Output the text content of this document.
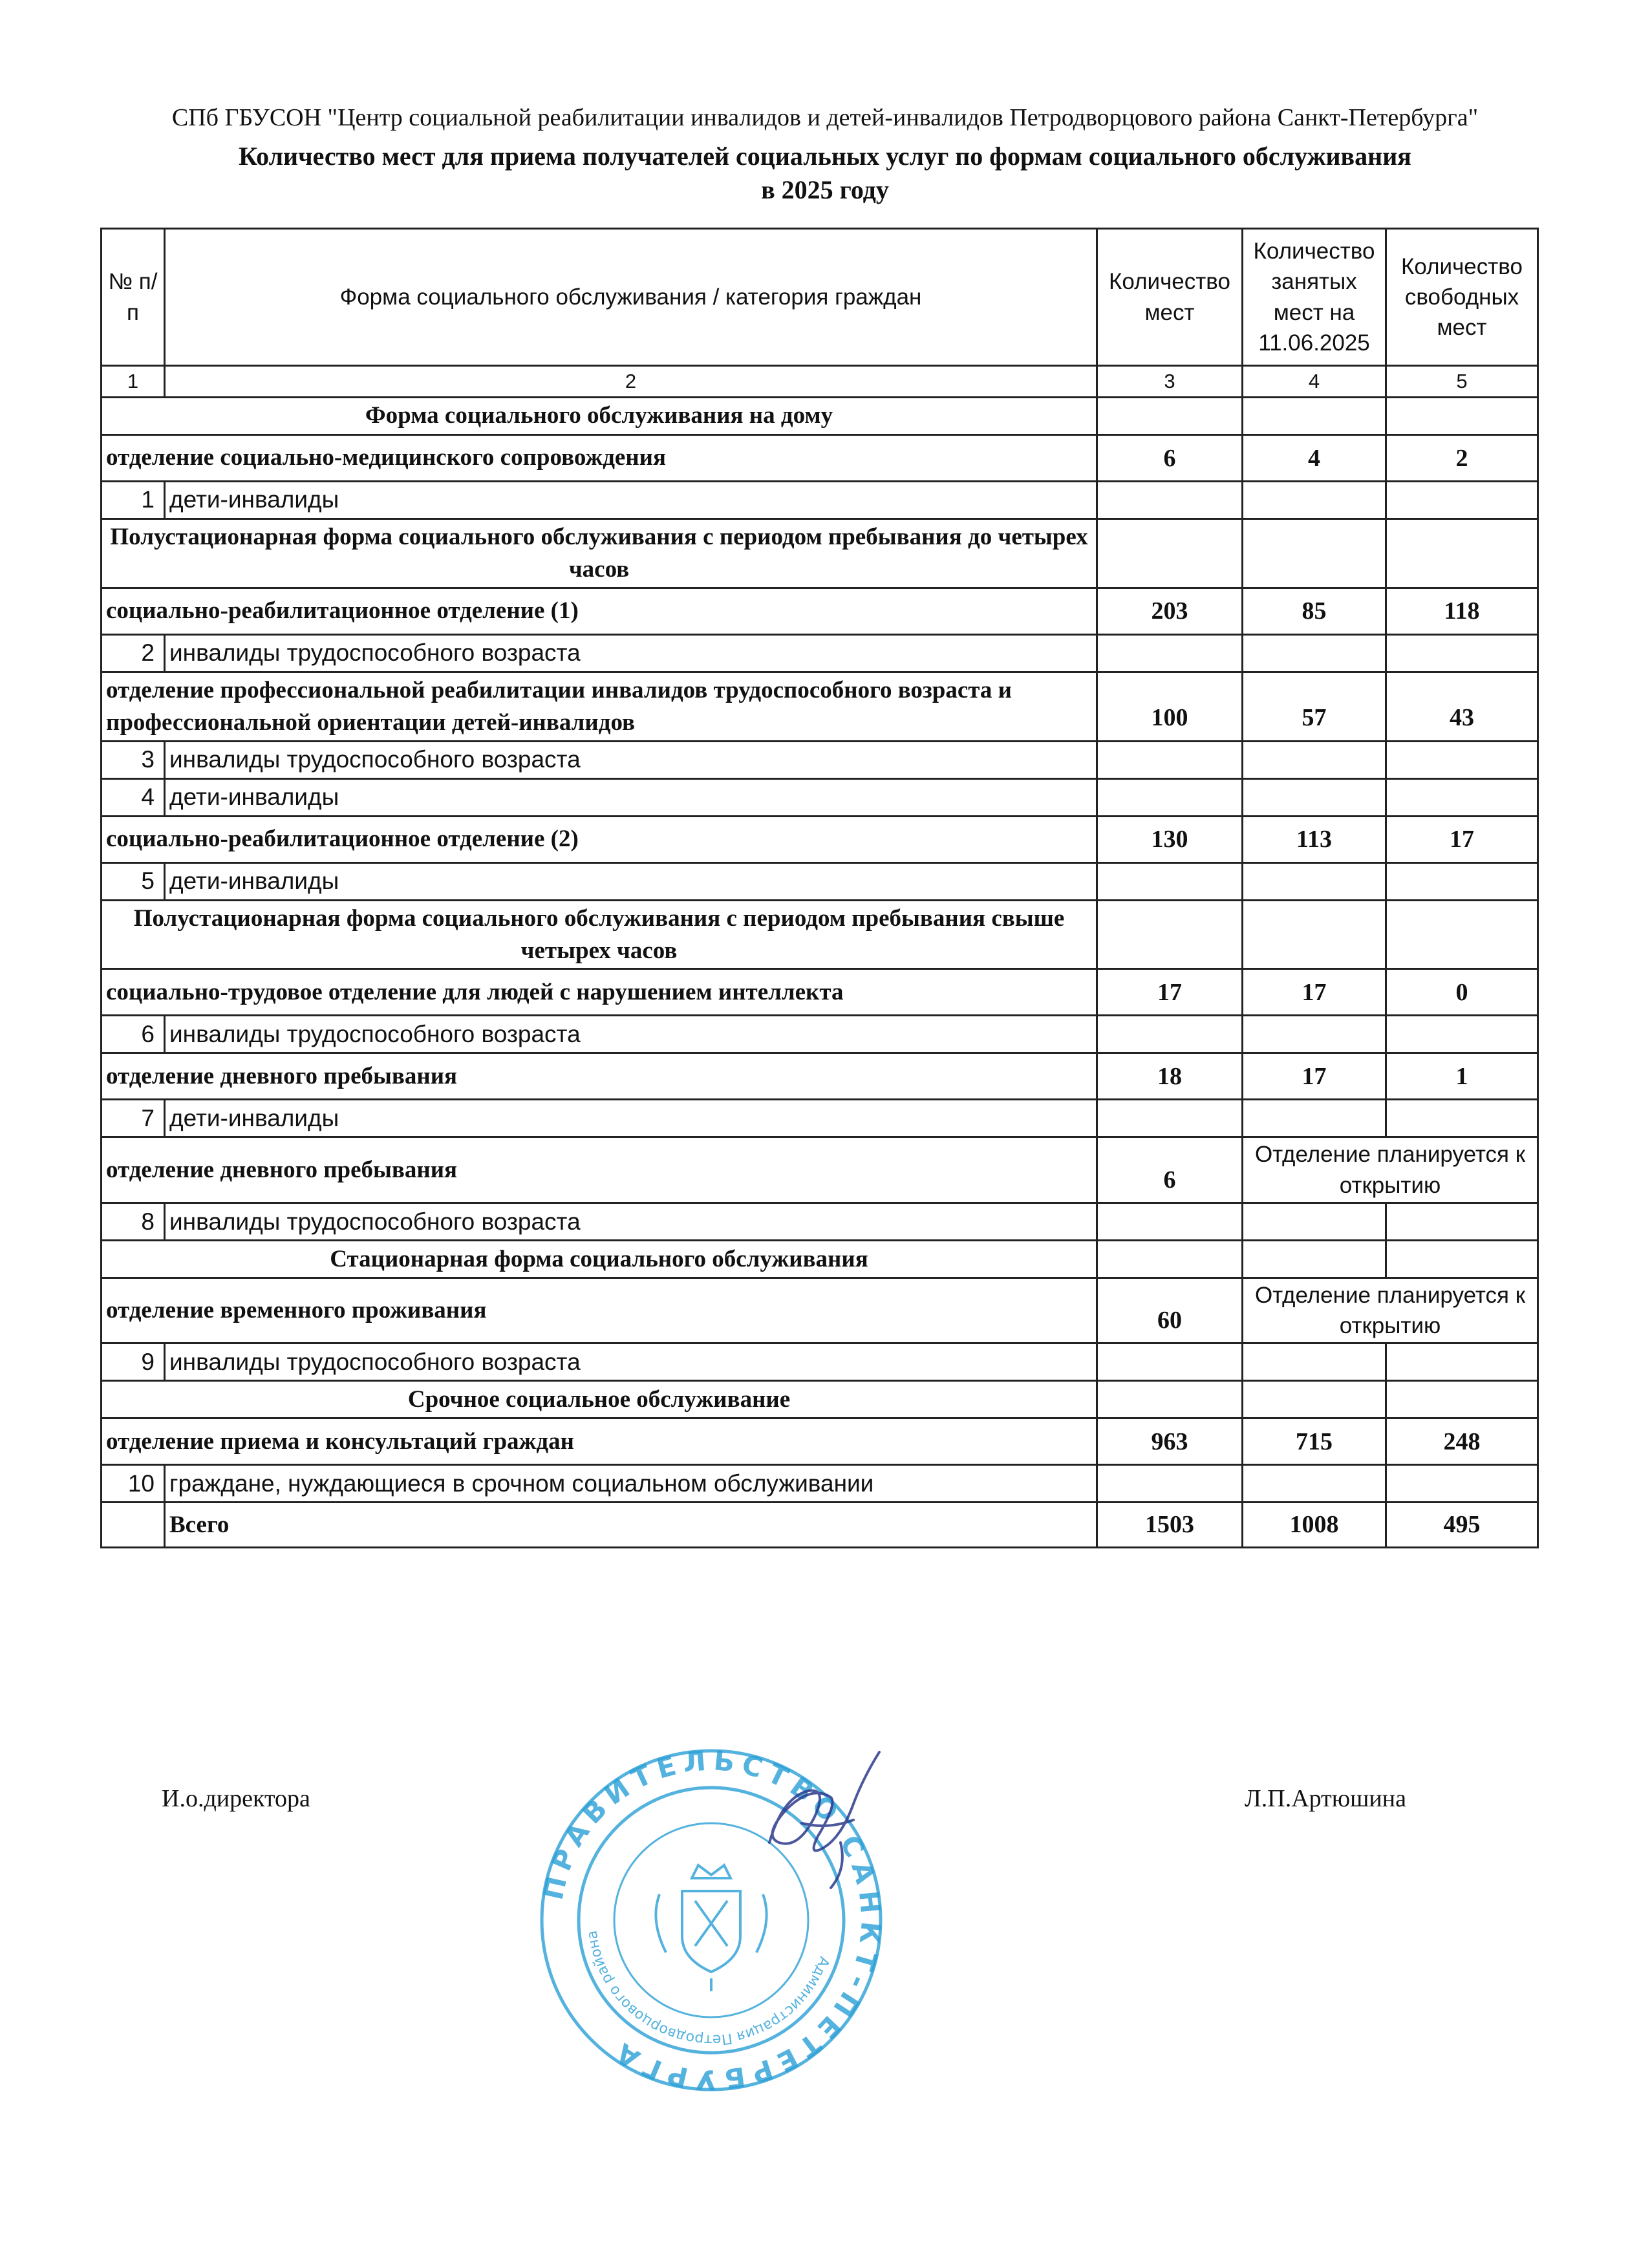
СПб ГБУСОН "Центр социальной реабилитации инвалидов и детей-инвалидов Петродворцового района Санкт-Петербурга"
Количество мест для приема получателей социальных услуг по формам социального обслуживания
в 2025 году
№ п/п	Форма социального обслуживания / категория граждан	Количество мест	Количество занятых мест на 11.06.2025	Количество свободных мест
1	2	3	4	5
Форма социального обслуживания на дому				
отделение социально-медицинского сопровождения		6	4	2
1	дети-инвалиды			
Полустационарная форма социального обслуживания с периодом пребывания до четырех часов				
социально-реабилитационное отделение (1)		203	85	118
2	инвалиды трудоспособного возраста			
отделение профессиональной реабилитации инвалидов трудоспособного возраста и профессиональной ориентации детей-инвалидов		100	57	43
3	инвалиды трудоспособного возраста			
4	дети-инвалиды			
социально-реабилитационное отделение (2)		130	113	17
5	дети-инвалиды			
Полустационарная форма социального обслуживания с периодом пребывания свыше четырех часов				
социально-трудовое отделение для людей с нарушением интеллекта		17	17	0
6	инвалиды трудоспособного возраста			
отделение дневного пребывания		18	17	1
7	дети-инвалиды			
отделение дневного пребывания		6	Отделение планируется к открытию	
8	инвалиды трудоспособного возраста			
Стационарная форма социального обслуживания				
отделение временного проживания		60	Отделение планируется к открытию	
9	инвалиды трудоспособного возраста			
Срочное социальное обслуживание				
отделение приема и консультаций граждан		963	715	248
10	граждане, нуждающиеся в срочном социальном обслуживании			
	Всего	1503	1008	495
И.о.директора	Л.П.Артюшина
ПРАВИТЕЛЬСТВО САНКТ-ПЕТЕРБУРГА
Администрация Петродворцового района
